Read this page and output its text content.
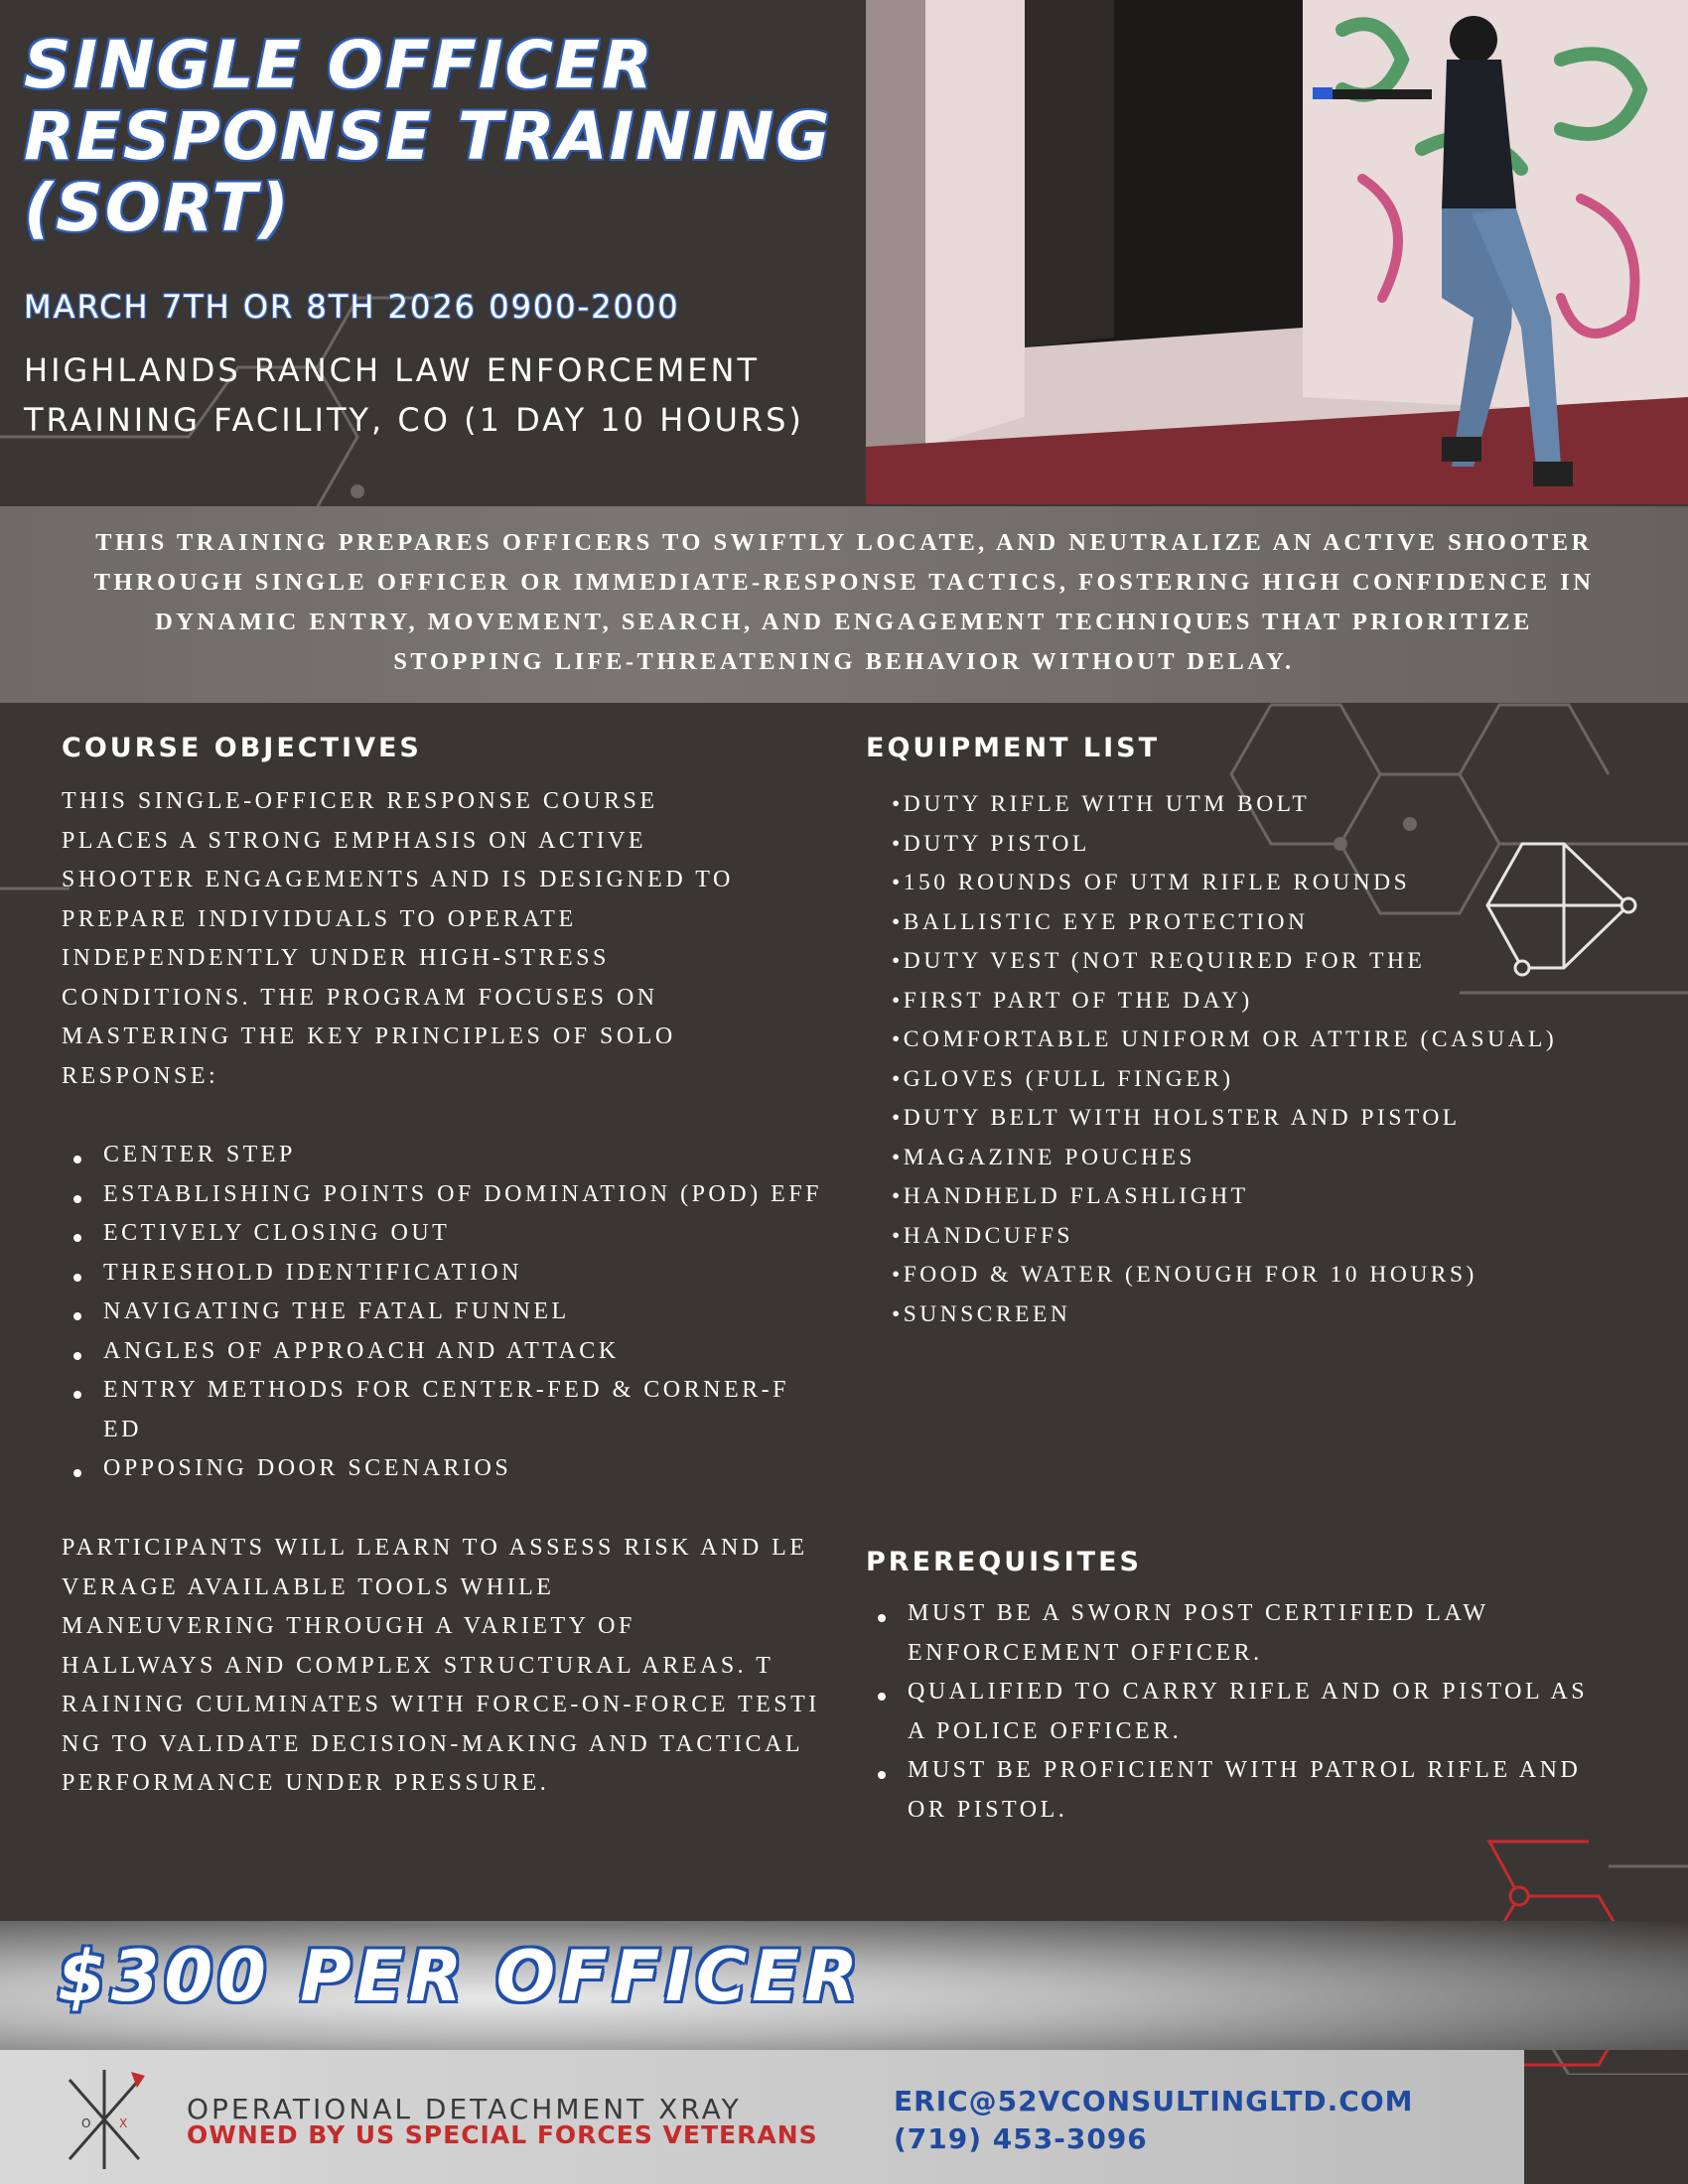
SINGLE OFFICER
RESPONSE TRAINING
(SORT)
MARCH 7TH OR 8TH 2026 0900-2000
HIGHLANDS RANCH LAW ENFORCEMENT
TRAINING FACILITY, CO (1 DAY 10 HOURS)
THIS TRAINING PREPARES OFFICERS TO SWIFTLY LOCATE, AND NEUTRALIZE AN ACTIVE SHOOTER
THROUGH SINGLE OFFICER OR IMMEDIATE-RESPONSE TACTICS, FOSTERING HIGH CONFIDENCE IN
DYNAMIC ENTRY, MOVEMENT, SEARCH, AND ENGAGEMENT TECHNIQUES THAT PRIORITIZE
STOPPING LIFE-THREATENING BEHAVIOR WITHOUT DELAY.
COURSE OBJECTIVES
THIS SINGLE-OFFICER RESPONSE COURSE
PLACES A STRONG EMPHASIS ON ACTIVE
SHOOTER ENGAGEMENTS AND IS DESIGNED TO
PREPARE INDIVIDUALS TO OPERATE
INDEPENDENTLY UNDER HIGH-STRESS
CONDITIONS. THE PROGRAM FOCUSES ON
MASTERING THE KEY PRINCIPLES OF SOLO
RESPONSE:
CENTER STEP
ESTABLISHING POINTS OF DOMINATION (POD) EFF
ECTIVELY CLOSING OUT
THRESHOLD IDENTIFICATION
NAVIGATING THE FATAL FUNNEL
ANGLES OF APPROACH AND ATTACK
ENTRY METHODS FOR CENTER-FED & CORNER-F
ED
OPPOSING DOOR SCENARIOS
PARTICIPANTS WILL LEARN TO ASSESS RISK AND LE
VERAGE AVAILABLE TOOLS WHILE
MANEUVERING THROUGH A VARIETY OF
HALLWAYS AND COMPLEX STRUCTURAL AREAS. T
RAINING CULMINATES WITH FORCE-ON-FORCE TESTI
NG TO VALIDATE DECISION-MAKING AND TACTICAL
PERFORMANCE UNDER PRESSURE.
EQUIPMENT LIST
•DUTY RIFLE WITH UTM BOLT
•DUTY PISTOL
•150 ROUNDS OF UTM RIFLE ROUNDS
•BALLISTIC EYE PROTECTION
•DUTY VEST (NOT REQUIRED FOR THE
•FIRST PART OF THE DAY)
•COMFORTABLE UNIFORM OR ATTIRE (CASUAL)
•GLOVES (FULL FINGER)
•DUTY BELT WITH HOLSTER AND PISTOL
•MAGAZINE POUCHES
•HANDHELD FLASHLIGHT
•HANDCUFFS
•FOOD & WATER (ENOUGH FOR 10 HOURS)
•SUNSCREEN
PREREQUISITES
MUST BE A SWORN POST CERTIFIED LAW
ENFORCEMENT OFFICER.
QUALIFIED TO CARRY RIFLE AND OR PISTOL AS
A POLICE OFFICER.
MUST BE PROFICIENT WITH PATROL RIFLE AND
OR PISTOL.
$300 PER OFFICER
O X OPERATIONAL DETACHMENT XRAY
OWNED BY US SPECIAL FORCES VETERANS
ERIC@52VCONSULTINGLTD.COM
(719) 453-3096
